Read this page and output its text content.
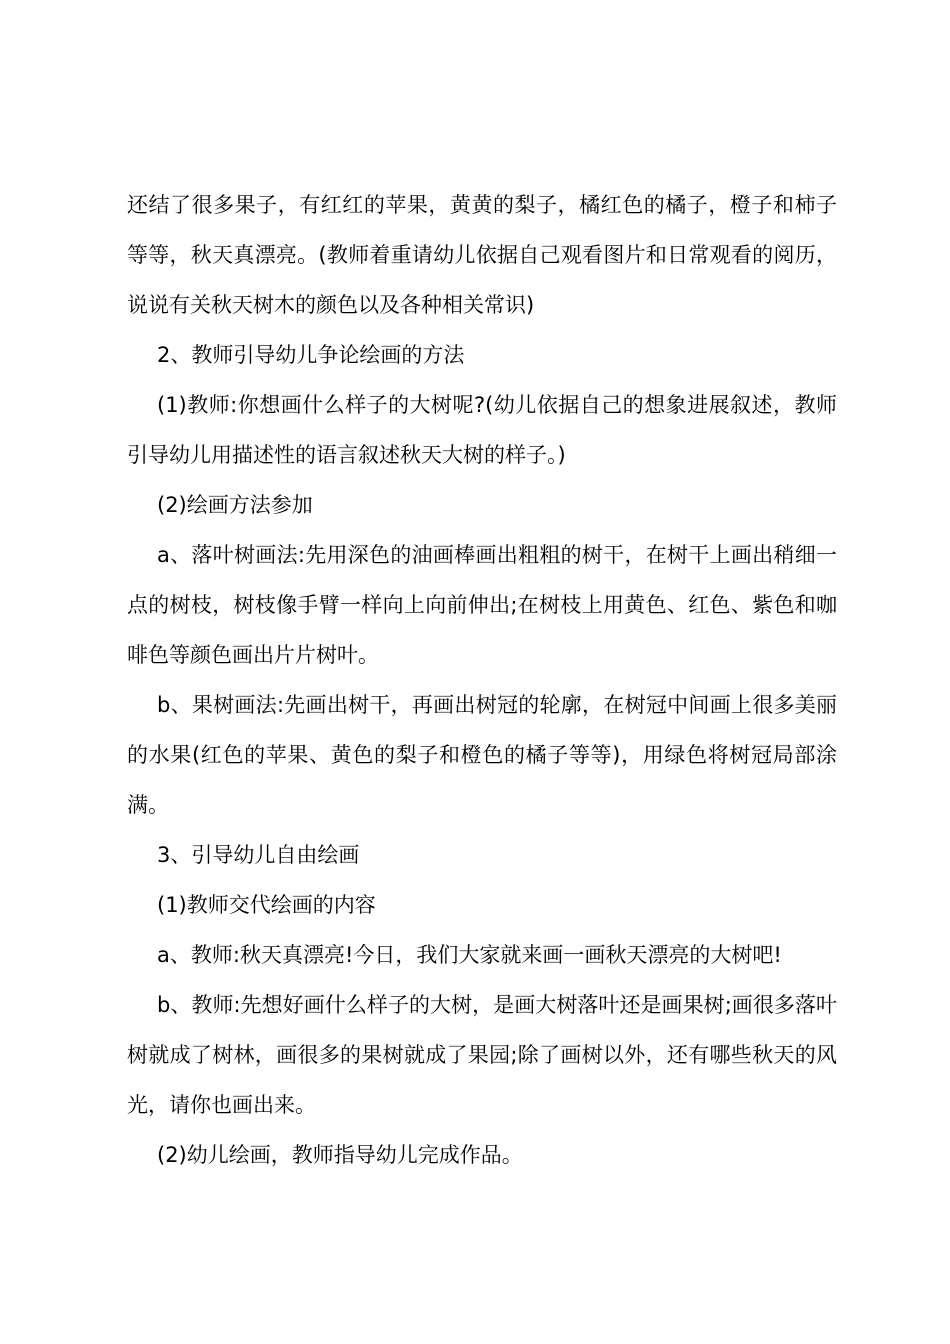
还结了很多果子，有红红的苹果，黄黄的梨子，橘红色的橘子，橙子和柿子等等，秋天真漂亮。(教师着重请幼儿依据自己观看图片和日常观看的阅历，说说有关秋天树木的颜色以及各种相关常识)

2、教师引导幼儿争论绘画的方法

(1)教师:你想画什么样子的大树呢?(幼儿依据自己的想象进展叙述，教师引导幼儿用描述性的语言叙述秋天大树的样子。)

(2)绘画方法参加

a、落叶树画法:先用深色的油画棒画出粗粗的树干，在树干上画出稍细一点的树枝，树枝像手臂一样向上向前伸出;在树枝上用黄色、红色、紫色和咖啡色等颜色画出片片树叶。

b、果树画法:先画出树干，再画出树冠的轮廓，在树冠中间画上很多美丽的水果(红色的苹果、黄色的梨子和橙色的橘子等等)，用绿色将树冠局部涂满。

3、引导幼儿自由绘画

(1)教师交代绘画的内容

a、教师:秋天真漂亮!今日，我们大家就来画一画秋天漂亮的大树吧!

b、教师:先想好画什么样子的大树，是画大树落叶还是画果树;画很多落叶树就成了树林，画很多的果树就成了果园;除了画树以外，还有哪些秋天的风光，请你也画出来。

(2)幼儿绘画，教师指导幼儿完成作品。
